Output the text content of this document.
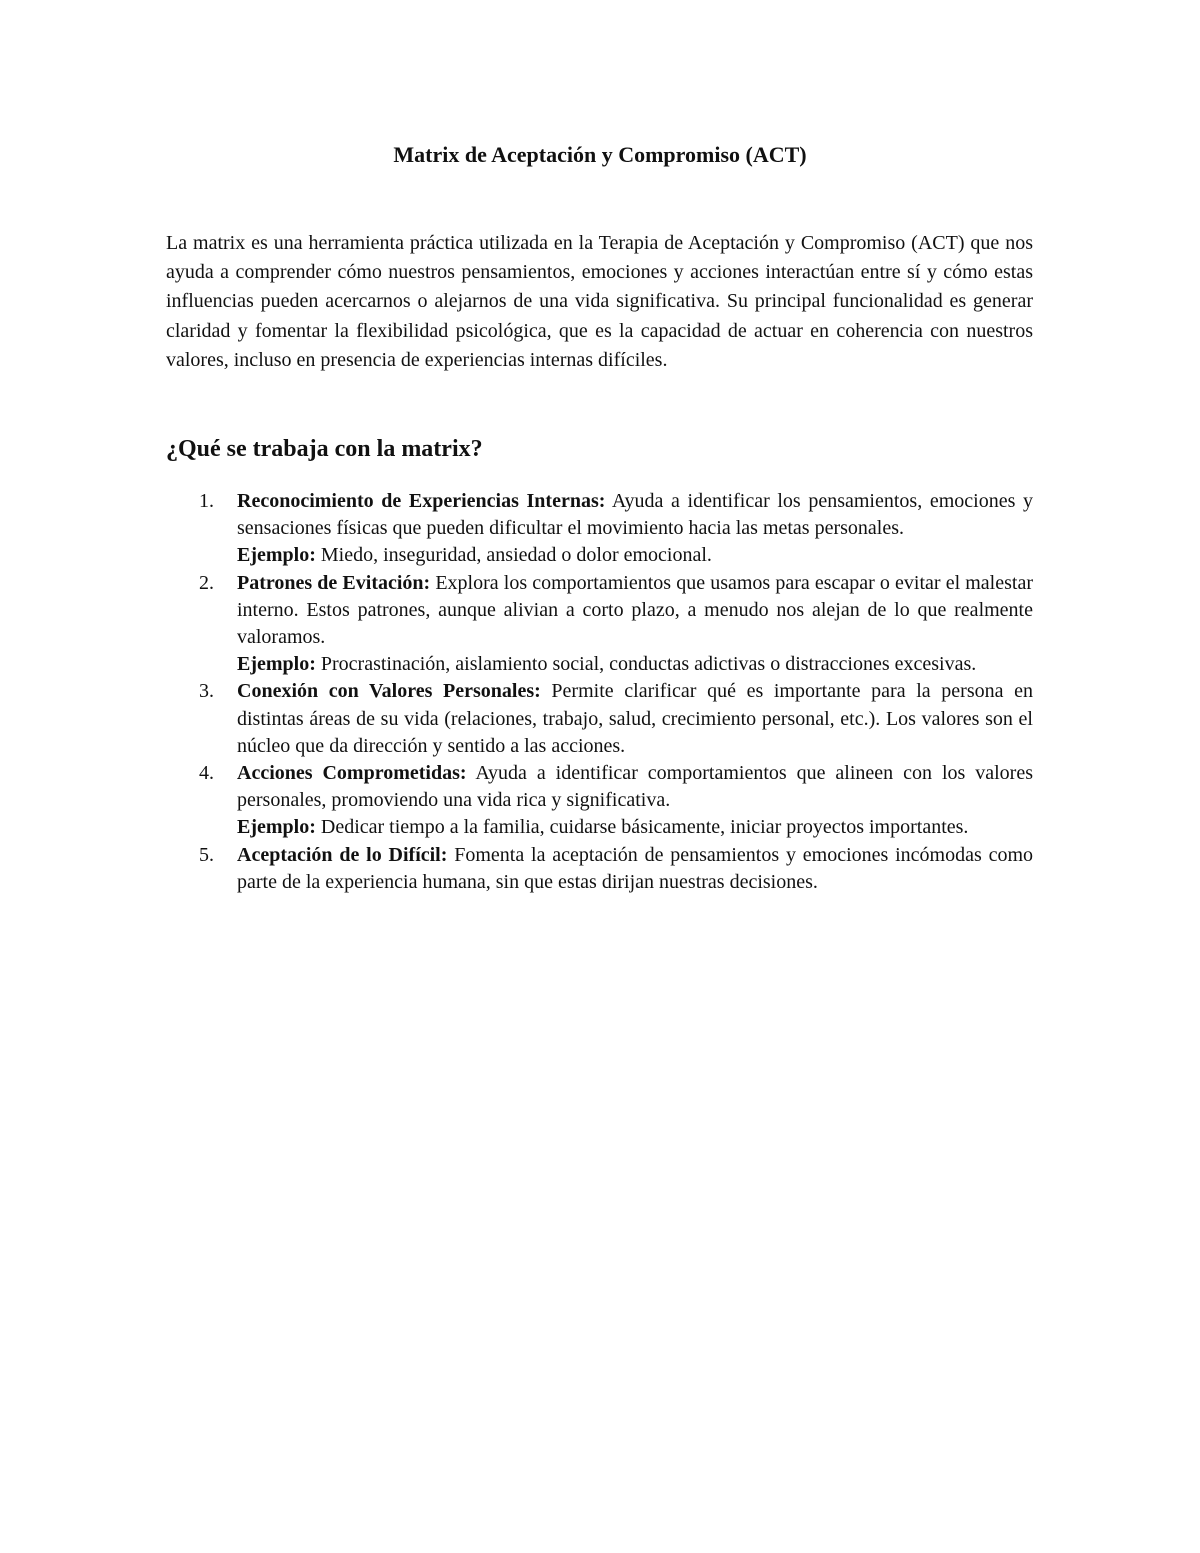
Matrix de Aceptación y Compromiso (ACT)

La matrix es una herramienta práctica utilizada en la Terapia de Aceptación y Compromiso (ACT) que nos ayuda a comprender cómo nuestros pensamientos, emociones y acciones interactúan entre sí y cómo estas influencias pueden acercarnos o alejarnos de una vida significativa. Su principal funcionalidad es generar claridad y fomentar la flexibilidad psicológica, que es la capacidad de actuar en coherencia con nuestros valores, incluso en presencia de experiencias internas difíciles.

¿Qué se trabaja con la matrix?
1.	Reconocimiento de Experiencias Internas: Ayuda a identificar los pensamientos, emociones y sensaciones físicas que pueden dificultar el movimiento hacia las metas personales.

Ejemplo: Miedo, inseguridad, ansiedad o dolor emocional.

2.	Patrones de Evitación: Explora los comportamientos que usamos para escapar o evitar el malestar interno. Estos patrones, aunque alivian a corto plazo, a menudo nos alejan de lo que realmente valoramos.

Ejemplo: Procrastinación, aislamiento social, conductas adictivas o distracciones excesivas.

3.	Conexión con Valores Personales: Permite clarificar qué es importante para la persona en distintas áreas de su vida (relaciones, trabajo, salud, crecimiento personal, etc.). Los valores son el núcleo que da dirección y sentido a las acciones.

4.	Acciones Comprometidas: Ayuda a identificar comportamientos que alineen con los valores personales, promoviendo una vida rica y significativa.

Ejemplo: Dedicar tiempo a la familia, cuidarse básicamente, iniciar proyectos importantes.

5.	Aceptación de lo Difícil: Fomenta la aceptación de pensamientos y emociones incómodas como parte de la experiencia humana, sin que estas dirijan nuestras decisiones.
